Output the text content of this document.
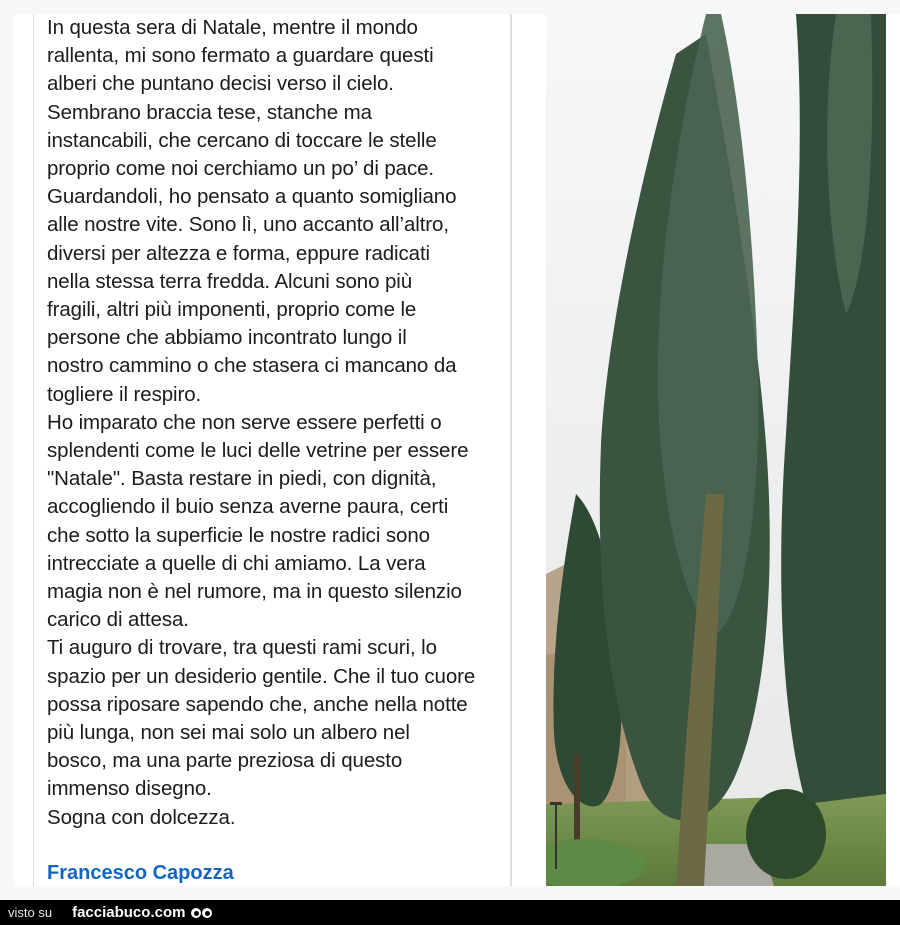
In questa sera di Natale, mentre il mondo
rallenta, mi sono fermato a guardare questi
alberi che puntano decisi verso il cielo.
Sembrano braccia tese, stanche ma
instancabili, che cercano di toccare le stelle
proprio come noi cerchiamo un po’ di pace.
Guardandoli, ho pensato a quanto somigliano
alle nostre vite. Sono lì, uno accanto all’altro,
diversi per altezza e forma, eppure radicati
nella stessa terra fredda. Alcuni sono più
fragili, altri più imponenti, proprio come le
persone che abbiamo incontrato lungo il
nostro cammino o che stasera ci mancano da
togliere il respiro.
Ho imparato che non serve essere perfetti o
splendenti come le luci delle vetrine per essere
"Natale". Basta restare in piedi, con dignità,
accogliendo il buio senza averne paura, certi
che sotto la superficie le nostre radici sono
intrecciate a quelle di chi amiamo. La vera
magia non è nel rumore, ma in questo silenzio
carico di attesa.
Ti auguro di trovare, tra questi rami scuri, lo
spazio per un desiderio gentile. Che il tuo cuore
possa riposare sapendo che, anche nella notte
più lunga, non sei mai solo un albero nel
bosco, ma una parte preziosa di questo
immenso disegno.
Sogna con dolcezza.
Francesco Capozza
visto su facciabuco.com
